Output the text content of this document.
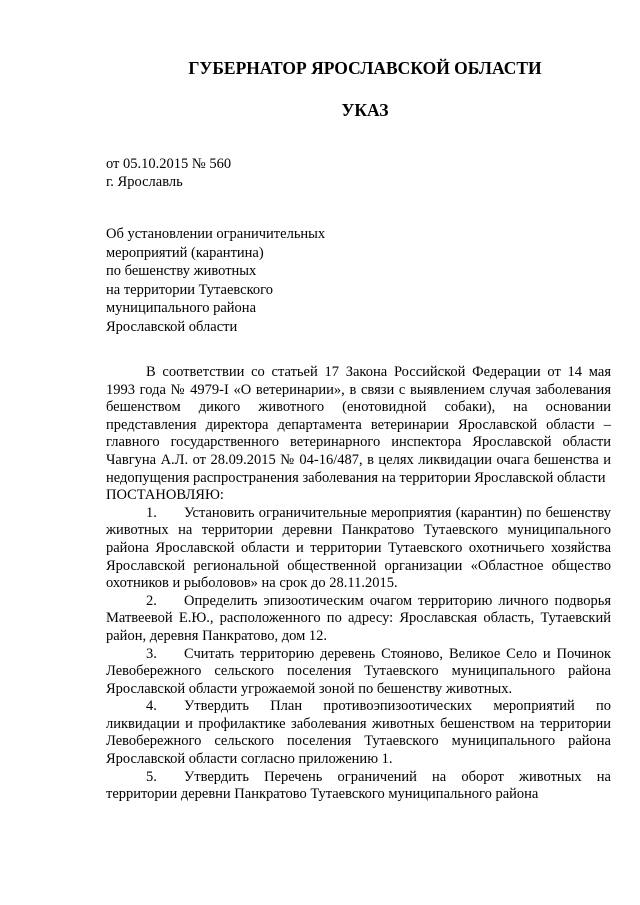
ГУБЕРНАТОР ЯРОСЛАВСКОЙ ОБЛАСТИ
УКАЗ
от 05.10.2015 № 560
г. Ярославль
Об установлении ограничительных
мероприятий (карантина)
по бешенству животных
на территории Тутаевского
муниципального района
Ярославской области

В соответствии со статьей 17 Закона Российской Федерации от 14 мая 1993 года № 4979-I «О ветеринарии», в связи с выявлением случая заболевания бешенством дикого животного (енотовидной собаки), на основании представления директора департамента ветеринарии Ярославской области – главного государственного ветеринарного инспектора Ярославской области Чавгуна А.Л. от 28.09.2015 № 04-16/487, в целях ликвидации очага бешенства и недопущения распространения заболевания на территории Ярославской области

ПОСТАНОВЛЯЮ:

1. Установить ограничительные мероприятия (карантин) по бешенству животных на территории деревни Панкратово Тутаевского муниципального района Ярославской области и территории Тутаевского охотничьего хозяйства Ярославской региональной общественной организации «Областное общество охотников и рыболовов» на срок до 28.11.2015.

2. Определить эпизоотическим очагом территорию личного подворья Матвеевой Е.Ю., расположенного по адресу: Ярославская область, Тутаевский район, деревня Панкратово, дом 12.

3. Считать территорию деревень Стояново, Великое Село и Починок Левобережного сельского поселения Тутаевского муниципального района Ярославской области угрожаемой зоной по бешенству животных.

4. Утвердить План противоэпизоотических мероприятий по ликвидации и профилактике заболевания животных бешенством на территории Левобережного сельского поселения Тутаевского муниципального района Ярославской области согласно приложению 1.

5. Утвердить Перечень ограничений на оборот животных на территории деревни Панкратово Тутаевского муниципального района
